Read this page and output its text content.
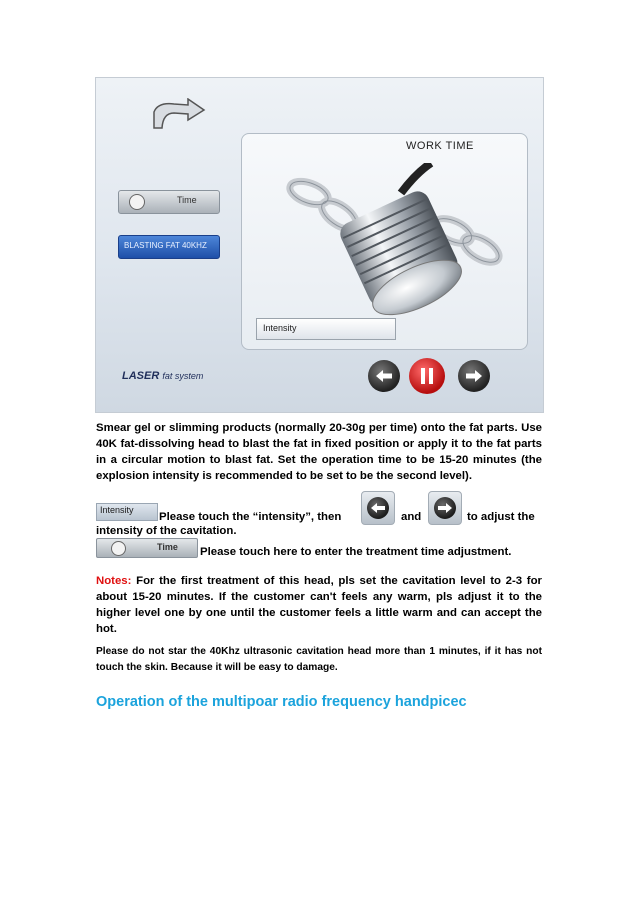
WORK TIME
Time
BLASTING FAT 40KHZ
Intensity
LASER fat system
Smear gel or slimming products (normally 20-30g per time) onto the fat parts. Use 40K fat-dissolving head to blast the fat in fixed position or apply it to the fat parts in a circular motion to blast fat. Set the operation time to be 15-20 minutes (the explosion intensity is recommended to be set to be the second level).
Intensity
Please touch the “intensity”, then	and	to adjust the
intensity of the cavitation.
Time Please touch here to enter the treatment time adjustment.
Notes: For the first treatment of this head, pls set the cavitation level to 2-3 for about 15-20 minutes. If the customer can't feels any warm, pls adjust it to the higher level one by one until the customer feels a little warm and can accept the hot.
Please do not star the 40Khz ultrasonic cavitation head more than 1 minutes, if it has not touch the skin. Because it will be easy to damage.
Operation of the multipoar radio frequency handpicec
